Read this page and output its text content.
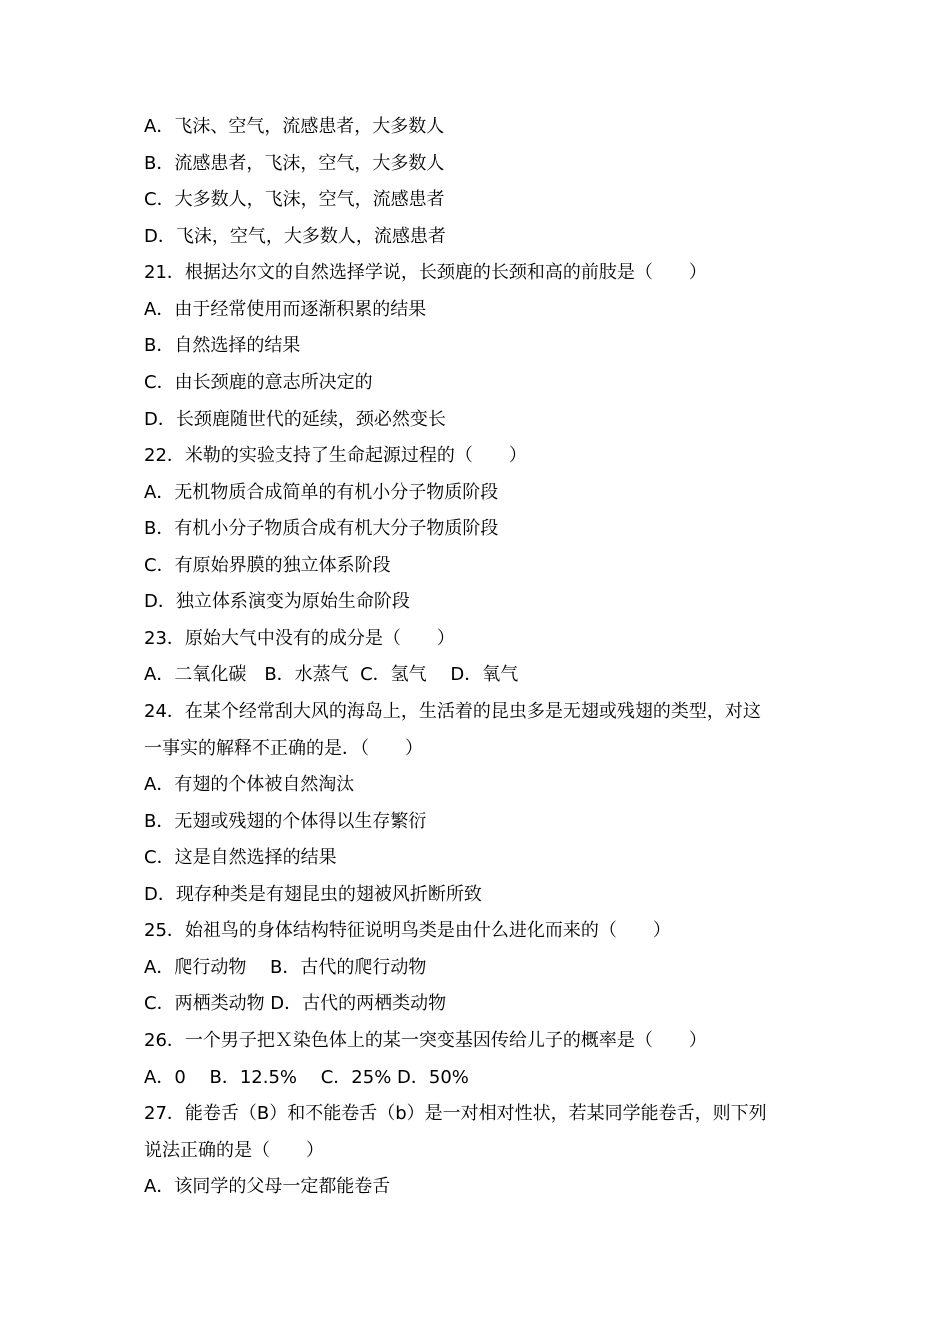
A．飞沫、空气，流感患者，大多数人
B．流感患者，飞沫，空气，大多数人
C．大多数人，飞沫，空气，流感患者
D．飞沫，空气，大多数人，流感患者
21．根据达尔文的自然选择学说，长颈鹿的长颈和高的前肢是（　　）
A．由于经常使用而逐渐积累的结果
B．自然选择的结果
C．由长颈鹿的意志所决定的
D．长颈鹿随世代的延续，颈必然变长
22．米勒的实验支持了生命起源过程的（　　）
A．无机物质合成简单的有机小分子物质阶段
B．有机小分子物质合成有机大分子物质阶段
C．有原始界膜的独立体系阶段
D．独立体系演变为原始生命阶段
23．原始大气中没有的成分是（　　）
A．二氧化碳　B．水蒸气  C．氢气　 D．氧气
24．在某个经常刮大风的海岛上，生活着的昆虫多是无翅或残翅的类型，对这
一事实的解释不正确的是．（　　）
A．有翅的个体被自然淘汰
B．无翅或残翅的个体得以生存繁衍
C．这是自然选择的结果
D．现存种类是有翅昆虫的翅被风折断所致
25．始祖鸟的身体结构特征说明鸟类是由什么进化而来的（　　）
A．爬行动物　 B．古代的爬行动物
C．两栖类动物 D．古代的两栖类动物
26．一个男子把Ｘ染色体上的某一突变基因传给儿子的概率是（　　）
A．0　 B．12.5%　 C．25% D．50%
27．能卷舌（B）和不能卷舌（b）是一对相对性状，若某同学能卷舌，则下列
说法正确的是（　　）
A．该同学的父母一定都能卷舌
